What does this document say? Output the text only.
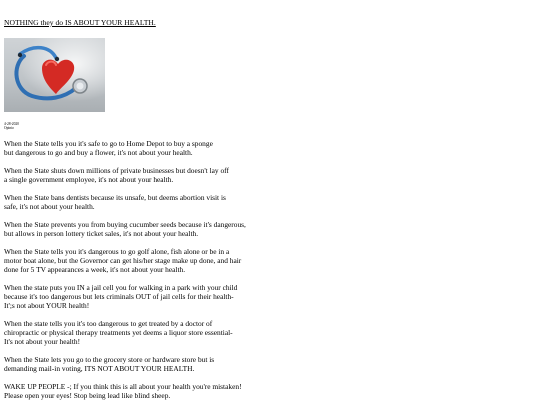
NOTHING they do IS ABOUT YOUR HEALTH.
4-28-2020
Opinio

When the State tells you it's safe to go to Home Depot to buy a sponge
but dangerous to go and buy a flower, it's not about your health.

When the State shuts down millions of private businesses but doesn't lay off
a single government employee, it's not about your health.

When the State bans dentists because its unsafe, but deems abortion visit is
safe, it's not about your health.

When the State prevents you from buying cucumber seeds because it's dangerous,
but allows in person lottery ticket sales, it's not about your health.

When the State tells you it's dangerous to go golf alone, fish alone or be in a
motor boat alone, but the Governor can get his/her stage make up done, and hair
done for 5 TV appearances a week, it's not about your health.

When the state puts you IN a jail cell you for walking in a park with your child
because it's too dangerous but lets criminals OUT of jail cells for their health-
It';s not about YOUR health!

When the state tells you it's too dangerous to get treated by a doctor of
chiropractic or physical therapy treatments yet deems a liquor store essential-
It's not about your health!

When the State lets you go to the grocery store or hardware store but is
demanding mail-in voting, ITS NOT ABOUT YOUR HEALTH.

WAKE UP PEOPLE -; If you think this is all about your health you're mistaken!
Please open your eyes! Stop being lead like blind sheep.
